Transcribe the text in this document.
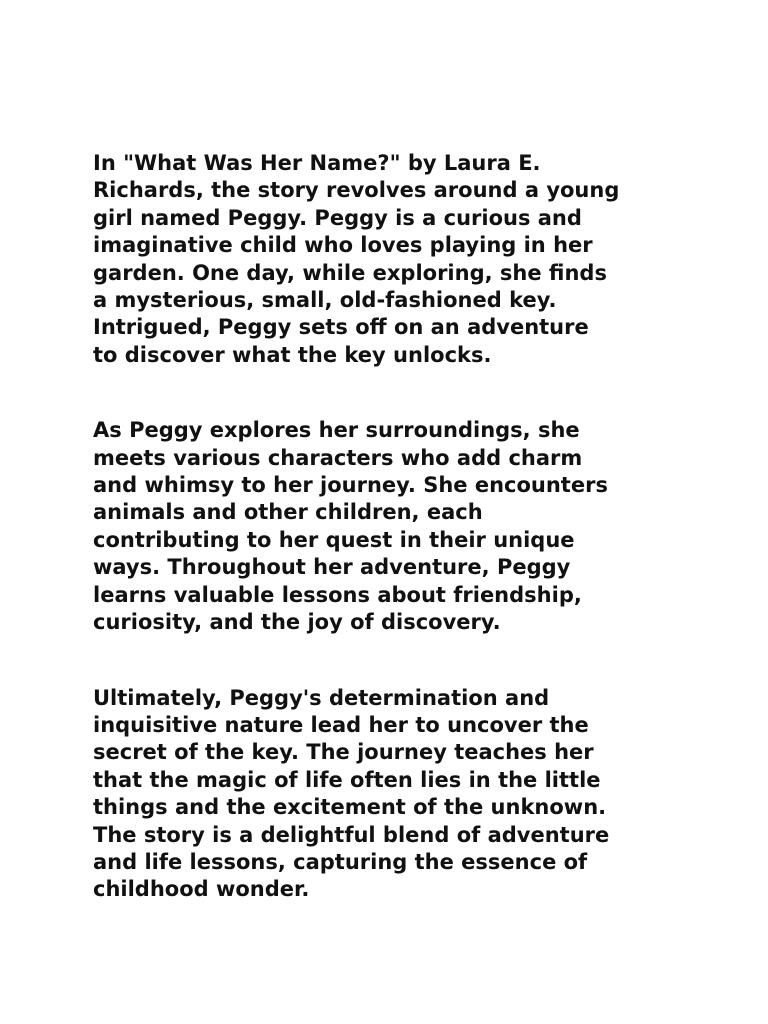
In "What Was Her Name?" by Laura E.
Richards, the story revolves around a young
girl named Peggy. Peggy is a curious and
imaginative child who loves playing in her
garden. One day, while exploring, she finds
a mysterious, small, old-fashioned key.
Intrigued, Peggy sets off on an adventure
to discover what the key unlocks.

As Peggy explores her surroundings, she
meets various characters who add charm
and whimsy to her journey. She encounters
animals and other children, each
contributing to her quest in their unique
ways. Throughout her adventure, Peggy
learns valuable lessons about friendship,
curiosity, and the joy of discovery.

Ultimately, Peggy's determination and
inquisitive nature lead her to uncover the
secret of the key. The journey teaches her
that the magic of life often lies in the little
things and the excitement of the unknown.
The story is a delightful blend of adventure
and life lessons, capturing the essence of
childhood wonder.
